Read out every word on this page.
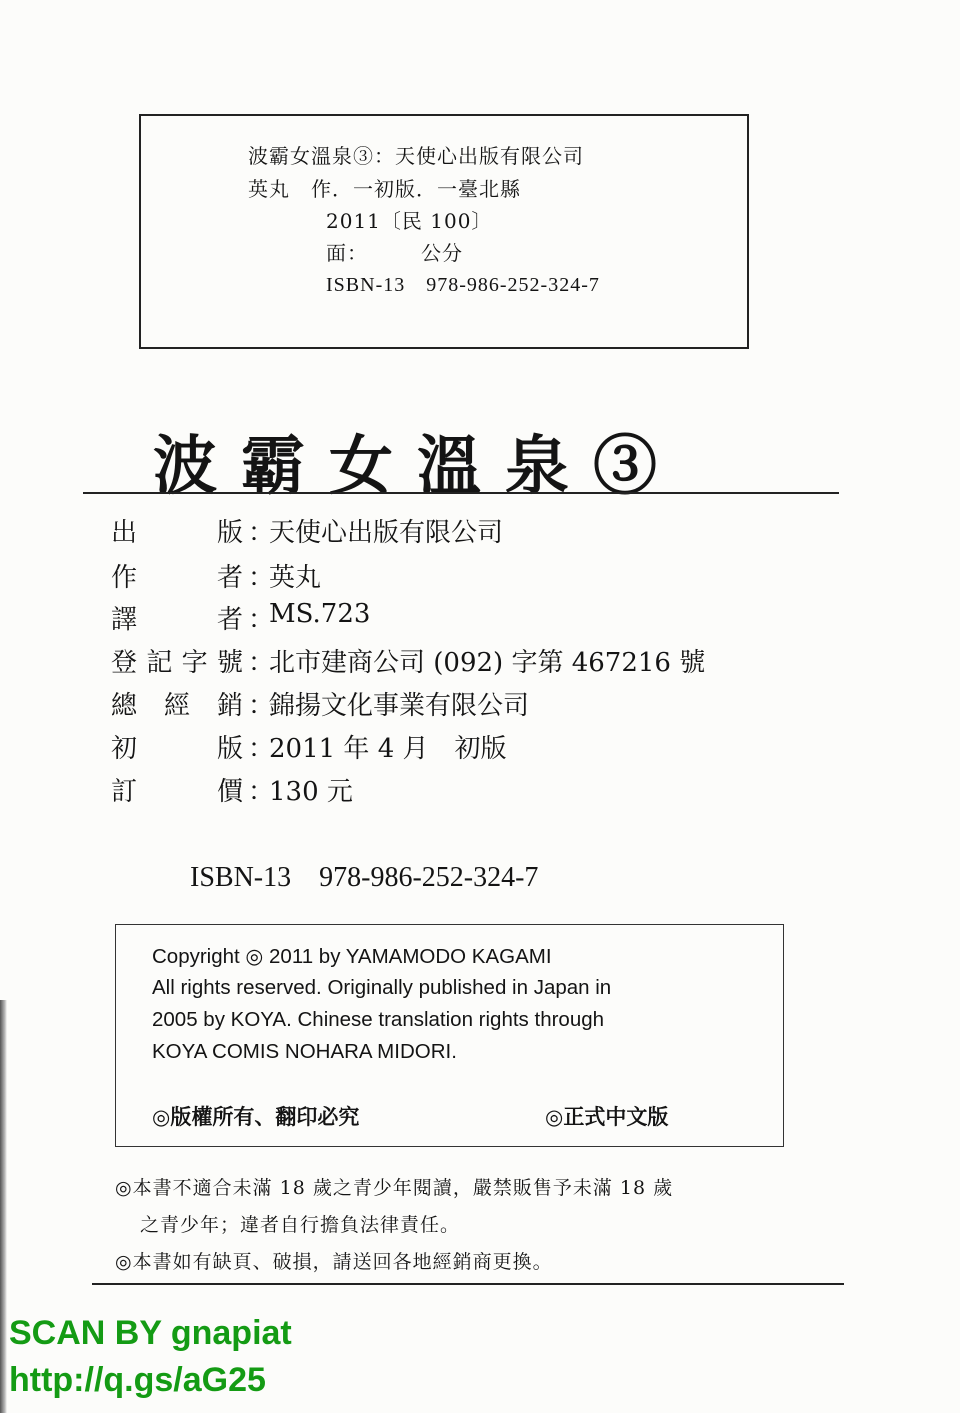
波霸女溫泉③：天使心出版有限公司
英丸　作．一初版．一臺北縣
2011〔民 100〕
面：　　　公分
ISBN-13　978-986-252-324-7
波霸女溫泉③
出	版 ：
天使心出版有限公司
作	者 ：
英丸
譯	者 ：
MS.723
登 記 字 號 ：
北市建商公司 (092) 字第 467216 號
總 經 銷 ：
錦揚文化事業有限公司
初	版 ：
2011 年 4 月　初版
訂	價 ：
130 元
ISBN-13　978-986-252-324-7
Copyright ◎ 2011 by YAMAMODO KAGAMI
All rights reserved. Originally published in Japan in
2005 by KOYA. Chinese translation rights through
KOYA COMIS NOHARA MIDORI.
◎版權所有、翻印必究	◎正式中文版
◎本書不適合未滿 18 歲之青少年閱讀，嚴禁販售予未滿 18 歲
之青少年；違者自行擔負法律責任。
◎本書如有缺頁、破損，請送回各地經銷商更換。
SCAN BY gnapiat
http://q.gs/aG25
